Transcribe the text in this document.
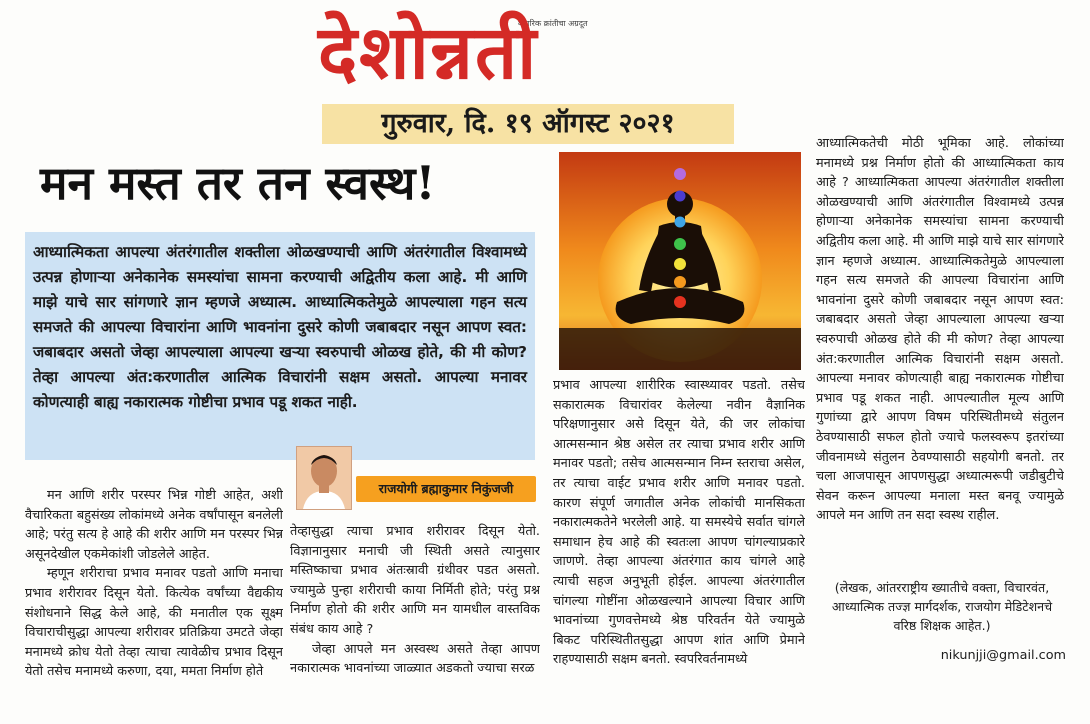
वैचारिक क्रांतीचा अग्रदूत
देशोन्नती
गुरुवार, दि. १९ ऑगस्ट २०२१
मन मस्त तर तन स्वस्थ!
आध्यात्मिकता आपल्या अंतरंगातील शक्तीला ओळखण्याची आणि अंतरंगातील विश्वामध्ये उत्पन्न होणाऱ्या अनेकानेक समस्यांचा सामना करण्याची अद्वितीय कला आहे. मी आणि माझे याचे सार सांगणारे ज्ञान म्हणजे अध्यात्म. आध्यात्मिकतेमुळे आपल्याला गहन सत्य समजते की आपल्या विचारांना आणि भावनांना दुसरे कोणी जबाबदार नसून आपण स्वत: जबाबदार असतो जेव्हा आपल्याला आपल्या खऱ्या स्वरुपाची ओळख होते, की मी कोण? तेव्हा आपल्या अंत:करणातील आत्मिक विचारांनी सक्षम असतो. आपल्या मनावर कोणत्याही बाह्य नकारात्मक गोष्टीचा प्रभाव पडू शकत नाही.
राजयोगी ब्रह्माकुमार निकुंजजी

मन आणि शरीर परस्पर भिन्न गोष्टी आहेत, अशी वैचारिकता बहुसंख्य लोकांमध्ये अनेक वर्षांपासून बनलेली आहे; परंतु सत्य हे आहे की शरीर आणि मन परस्पर भिन्न असूनदेखील एकमेकांशी जोडलेले आहेत.

म्हणून शरीराचा प्रभाव मनावर पडतो आणि मनाचा प्रभाव शरीरावर दिसून येतो. कित्येक वर्षांच्या वैद्यकीय संशोधनाने सिद्ध केले आहे, की मनातील एक सूक्ष्म विचाराचीसुद्धा आपल्या शरीरावर प्रतिक्रिया उमटते जेव्हा मनामध्ये क्रोध येतो तेव्हा त्याचा त्यावेळीच प्रभाव दिसून येतो तसेच मनामध्ये करुणा, दया, ममता निर्माण होते

तेव्हासुद्धा त्याचा प्रभाव शरीरावर दिसून येतो. विज्ञानानुसार मनाची जी स्थिती असते त्यानुसार मस्तिष्काचा प्रभाव अंतःस्रावी ग्रंथीवर पडत असतो. ज्यामुळे पुन्हा शरीराची काया निर्मिती होते; परंतु प्रश्न निर्माण होतो की शरीर आणि मन यामधील वास्तविक संबंध काय आहे ?

जेव्हा आपले मन अस्वस्थ असते तेव्हा आपण नकारात्मक भावनांच्या जाळ्यात अडकतो ज्याचा सरळ

प्रभाव आपल्या शारीरिक स्वास्थ्यावर पडतो. तसेच सकारात्मक विचारांवर केलेल्या नवीन वैज्ञानिक परिक्षणानुसार असे दिसून येते, की जर लोकांचा आत्मसन्मान श्रेष्ठ असेल तर त्याचा प्रभाव शरीर आणि मनावर पडतो; तसेच आत्मसन्मान निम्न स्तराचा असेल, तर त्याचा वाईट प्रभाव शरीर आणि मनावर पडतो. कारण संपूर्ण जगातील अनेक लोकांची मानसिकता नकारात्मकतेने भरलेली आहे. या समस्येचे सर्वात चांगले समाधान हेच आहे की स्वतःला आपण चांगल्याप्रकारे जाणणे. तेव्हा आपल्या अंतरंगात काय चांगले आहे त्याची सहज अनुभूती होईल. आपल्या अंतरंगातील चांगल्या गोष्टींना ओळखल्याने आपल्या विचार आणि भावनांच्या गुणवत्तेमध्ये श्रेष्ठ परिवर्तन येते ज्यामुळे बिकट परिस्थितीतसुद्धा आपण शांत आणि प्रेमाने राहण्यासाठी सक्षम बनतो. स्वपरिवर्तनामध्ये

आध्यात्मिकतेची मोठी भूमिका आहे. लोकांच्या मनामध्ये प्रश्न निर्माण होतो की आध्यात्मिकता काय आहे ? आध्यात्मिकता आपल्या अंतरंगातील शक्तीला ओळखण्याची आणि अंतरंगातील विश्वामध्ये उत्पन्न होणाऱ्या अनेकानेक समस्यांचा सामना करण्याची अद्वितीय कला आहे. मी आणि माझे याचे सार सांगणारे ज्ञान म्हणजे अध्यात्म. आध्यात्मिकतेमुळे आपल्याला गहन सत्य समजते की आपल्या विचारांना आणि भावनांना दुसरे कोणी जबाबदार नसून आपण स्वत: जबाबदार असतो जेव्हा आपल्याला आपल्या खऱ्या स्वरुपाची ओळख होते की मी कोण? तेव्हा आपल्या अंत:करणातील आत्मिक विचारांनी सक्षम असतो. आपल्या मनावर कोणत्याही बाह्य नकारात्मक गोष्टीचा प्रभाव पडू शकत नाही. आपल्यातील मूल्य आणि गुणांच्या द्वारे आपण विषम परिस्थितीमध्ये संतुलन ठेवण्यासाठी सफल होतो ज्याचे फलस्वरूप इतरांच्या जीवनामध्ये संतुलन ठेवण्यासाठी सहयोगी बनतो. तर चला आजपासून आपणसुद्धा अध्यात्मरूपी जडीबुटीचे सेवन करून आपल्या मनाला मस्त बनवू ज्यामुळे आपले मन आणि तन सदा स्वस्थ राहील.

(लेखक, आंतरराष्ट्रीय ख्यातीचे वक्ता, विचारवंत, आध्यात्मिक तज्ज्ञ मार्गदर्शक, राजयोग मेडिटेशनचे वरिष्ठ शिक्षक आहेत.)
nikunjji@gmail.com
